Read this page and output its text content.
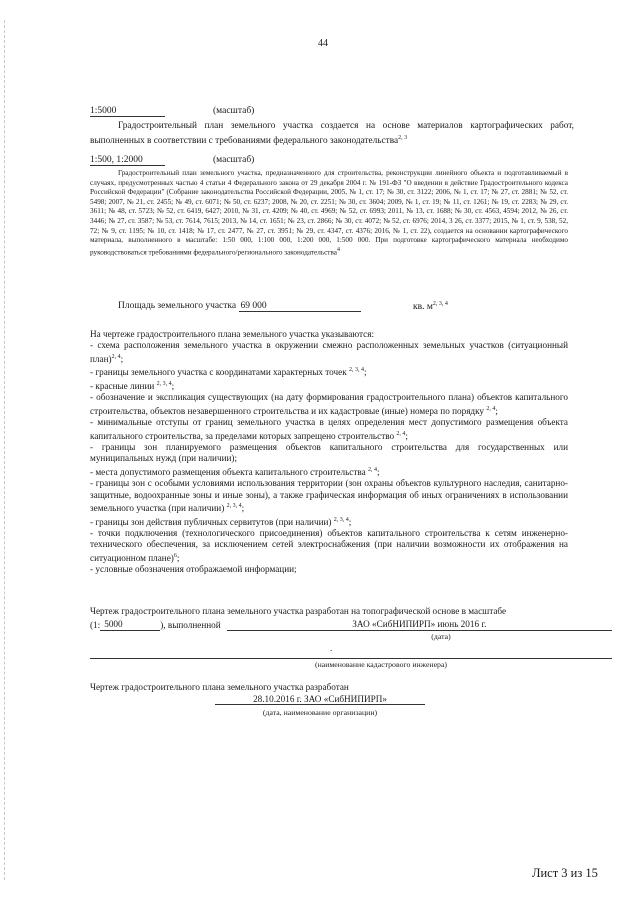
44
1:5000	(масштаб)
Градостроительный план земельного участка создается на основе материалов картографических работ, выполненных в соответствии с требованиями федерального законодательства$^{2, 3}$
1:500, 1:2000	(масштаб)
Градостроительный план земельного участка, предназначенного для строительства, реконструкции линейного объекта и подготавливаемый в случаях, предусмотренных частью 4 статьи 4 Федерального закона от 29 декабря 2004 г. № 191-ФЗ "О введении в действие Градостроительного кодекса Российской Федерации" (Собрание законодательства Российской Федерации, 2005, № 1, ст. 17; № 30, ст. 3122; 2006, № 1, ст. 17; № 27, ст. 2881; № 52, ст. 5498; 2007, № 21, ст. 2455; № 49, ст. 6071; № 50, ст. 6237; 2008, № 20, ст. 2251; № 30, ст. 3604; 2009, № 1, ст. 19; № 11, ст. 1261; № 19, ст. 2283; № 29, ст. 3611; № 48, ст. 5723; № 52, ст. 6419, 6427; 2010, № 31, ст. 4209; № 40, ст. 4969; № 52, ст. 6993; 2011, № 13, ст. 1688; № 30, ст. 4563, 4594; 2012, № 26, ст. 3446; № 27, ст. 3587; № 53, ст. 7614, 7615; 2013, № 14, ст. 1651; № 23, ст. 2866; № 30, ст. 4072; № 52, ст. 6976; 2014, 3 26, ст. 3377; 2015, № 1, ст. 9, 538, 52, 72; № 9, ст. 1195; № 10, ст. 1418; № 17, ст. 2477, № 27, ст. 3951; № 29, ст. 4347, ст. 4376; 2016, № 1, ст. 22), создается на основании картографического материала, выполненного в масштабе: 1:50 000, 1:100 000, 1:200 000, 1:500 000. При подготовке картографического материала необходимо руководствоваться требованиями федерального/регионального законодательства$^4$
Площадь земельного участка 69 000	кв. $м^{2, 3, 4}$

На чертеже градостроительного плана земельного участка указываются:

- схема расположения земельного участка в окружении смежно расположенных земельных участков (ситуационный план)$^{2, 4}$;

- границы земельного участка с координатами характерных точек $^{2, 3, 4}$;

- красные линии $^{2, 3, 4}$;

- обозначение и экспликация существующих (на дату формирования градостроительного плана) объектов капитального строительства, объектов незавершенного строительства и их кадастровые (иные) номера по порядку $^{2, 4}$;

- минимальные отступы от границ земельного участка в целях определения мест допустимого размещения объекта капитального строительства, за пределами которых запрещено строительство $^{2, 4}$;

- границы зон планируемого размещения объектов капитального строительства для государственных или муниципальных нужд (при наличии);

- места допустимого размещения объекта капитального строительства $^{2, 4}$;

- границы зон с особыми условиями использования территории (зон охраны объектов культурного наследия, санитарно-защитные, водоохранные зоны и иные зоны), а также графическая информация об иных ограничениях в использовании земельного участка (при наличии) $^{2, 3, 4}$;

- границы зон действия публичных сервитутов (при наличии) $^{2, 3, 4}$;

- точки подключения (технологического присоединения) объектов капитального строительства к сетям инженерно-технического обеспечения, за исключением сетей электроснабжения (при наличии возможности их отображения на ситуационном плане)$^6$;

- условные обозначения отображаемой информации;

Чертеж градостроительного плана земельного участка разработан на топографической основе в масштабе
(1: 5000	), выполненной	ЗАО «СибНИПИРП» июнь 2016 г.
(дата)
.
(наименование кадастрового инженера)
Чертеж градостроительного плана земельного участка разработан
28.10.2016 г. ЗАО «СибНИПИРП»
(дата, наименование организации)
Лист 3 из 15
